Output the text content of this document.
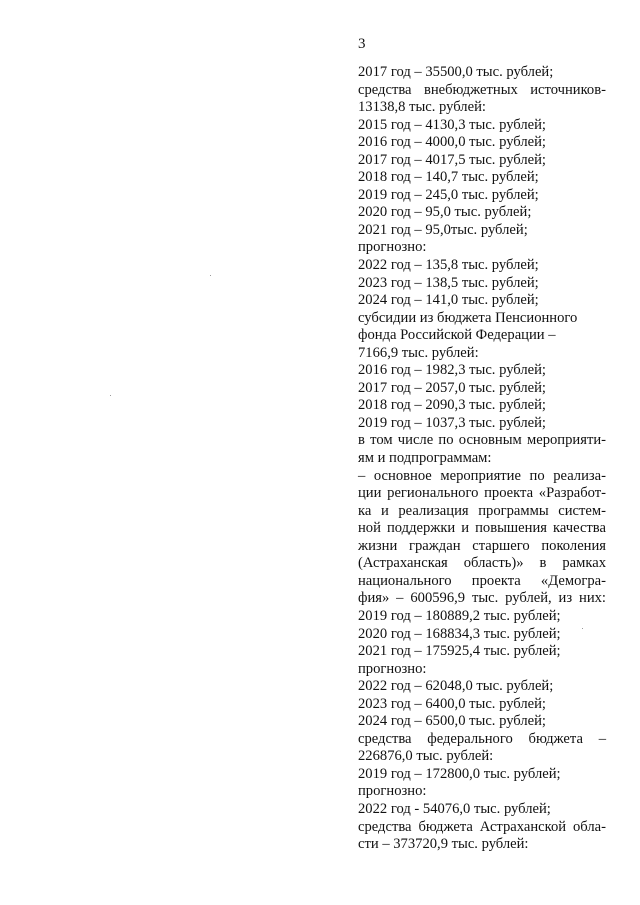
3
2017 год – 35500,0 тыс. рублей;
средства внебюджетных источников-
13138,8 тыс. рублей:
2015 год – 4130,3 тыс. рублей;
2016 год – 4000,0 тыс. рублей;
2017 год – 4017,5 тыс. рублей;
2018 год – 140,7 тыс. рублей;
2019 год – 245,0 тыс. рублей;
2020 год – 95,0 тыс. рублей;
2021 год – 95,0тыс. рублей;
прогнозно:
2022 год – 135,8 тыс. рублей;
2023 год – 138,5 тыс. рублей;
2024 год – 141,0 тыс. рублей;
субсидии из бюджета Пенсионного
фонда Российской Федерации –
7166,9 тыс. рублей:
2016 год – 1982,3 тыс. рублей;
2017 год – 2057,0 тыс. рублей;
2018 год – 2090,3 тыс. рублей;
2019 год – 1037,3 тыс. рублей;
в том числе по основным мероприяти-
ям и подпрограммам:
– основное мероприятие по реализа-
ции регионального проекта «Разработ-
ка и реализация программы систем-
ной поддержки и повышения качества
жизни граждан старшего поколения
(Астраханская область)» в рамках
национального проекта «Демогра-
фия» – 600596,9 тыс. рублей, из них:
2019 год – 180889,2 тыс. рублей;
2020 год – 168834,3 тыс. рублей;
2021 год – 175925,4 тыс. рублей;
прогнозно:
2022 год – 62048,0 тыс. рублей;
2023 год – 6400,0 тыс. рублей;
2024 год – 6500,0 тыс. рублей;
средства федерального бюджета –
226876,0 тыс. рублей:
2019 год – 172800,0 тыс. рублей;
прогнозно:
2022 год - 54076,0 тыс. рублей;
средства бюджета Астраханской обла-
сти – 373720,9 тыс. рублей:
